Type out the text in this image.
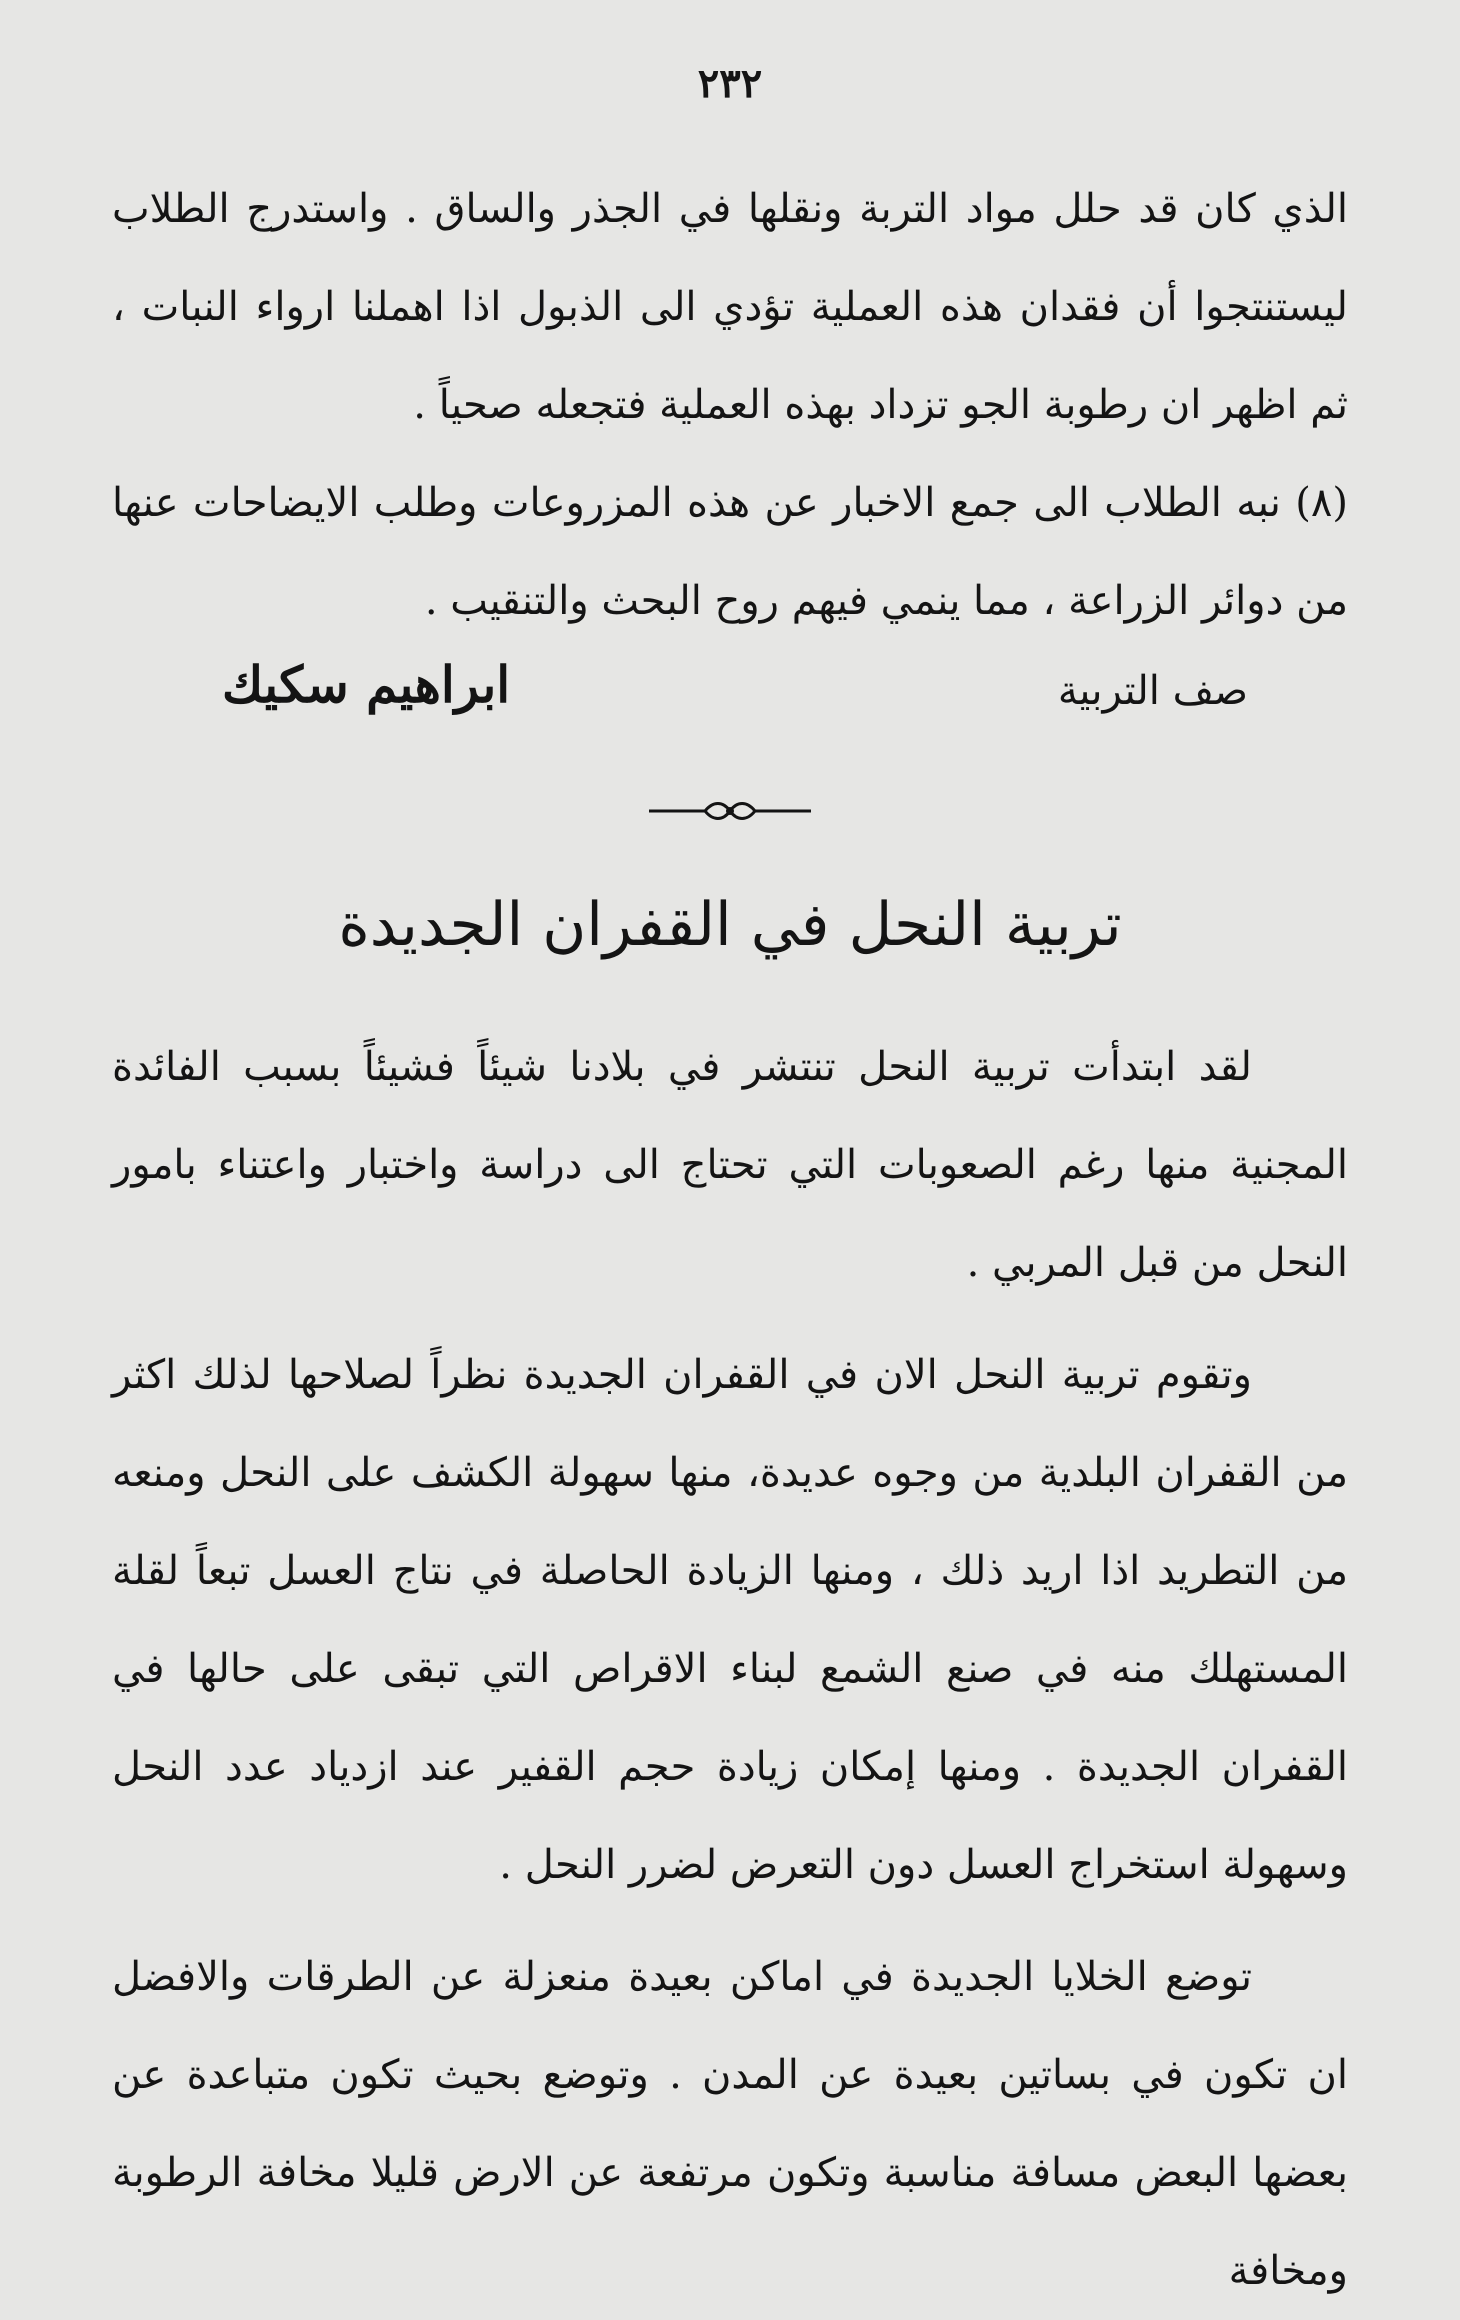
٢٣٢

الذي كان قد حلل مواد التربة ونقلها في الجذر والساق . واستدرج الطلاب ليستنتجوا أن فقدان هذه العملية تؤدي الى الذبول اذا اهملنا ارواء النبات ، ثم اظهر ان رطوبة الجو تزداد بهذه العملية فتجعله صحياً .

(٨) نبه الطلاب الى جمع الاخبار عن هذه المزروعات وطلب الايضاحات عنها من دوائر الزراعة ، مما ينمي فيهم روح البحث والتنقيب .

صف التربية
ابراهيم سكيك
تربية النحل في القفران الجديدة

لقد ابتدأت تربية النحل تنتشر في بلادنا شيئاً فشيئاً بسبب الفائدة المجنية منها رغم الصعوبات التي تحتاج الى دراسة واختبار واعتناء بامور النحل من قبل المربي .

وتقوم تربية النحل الان في القفران الجديدة نظراً لصلاحها لذلك اكثر من القفران البلدية من وجوه عديدة، منها سهولة الكشف على النحل ومنعه من التطريد اذا اريد ذلك ، ومنها الزيادة الحاصلة في نتاج العسل تبعاً لقلة المستهلك منه في صنع الشمع لبناء الاقراص التي تبقى على حالها في القفران الجديدة . ومنها إمكان زيادة حجم القفير عند ازدياد عدد النحل وسهولة استخراج العسل دون التعرض لضرر النحل .

توضع الخلايا الجديدة في اماكن بعيدة منعزلة عن الطرقات والافضل ان تكون في بساتين بعيدة عن المدن . وتوضع بحيث تكون متباعدة عن بعضها البعض مسافة مناسبة وتكون مرتفعة عن الارض قليلا مخافة الرطوبة ومخافة
